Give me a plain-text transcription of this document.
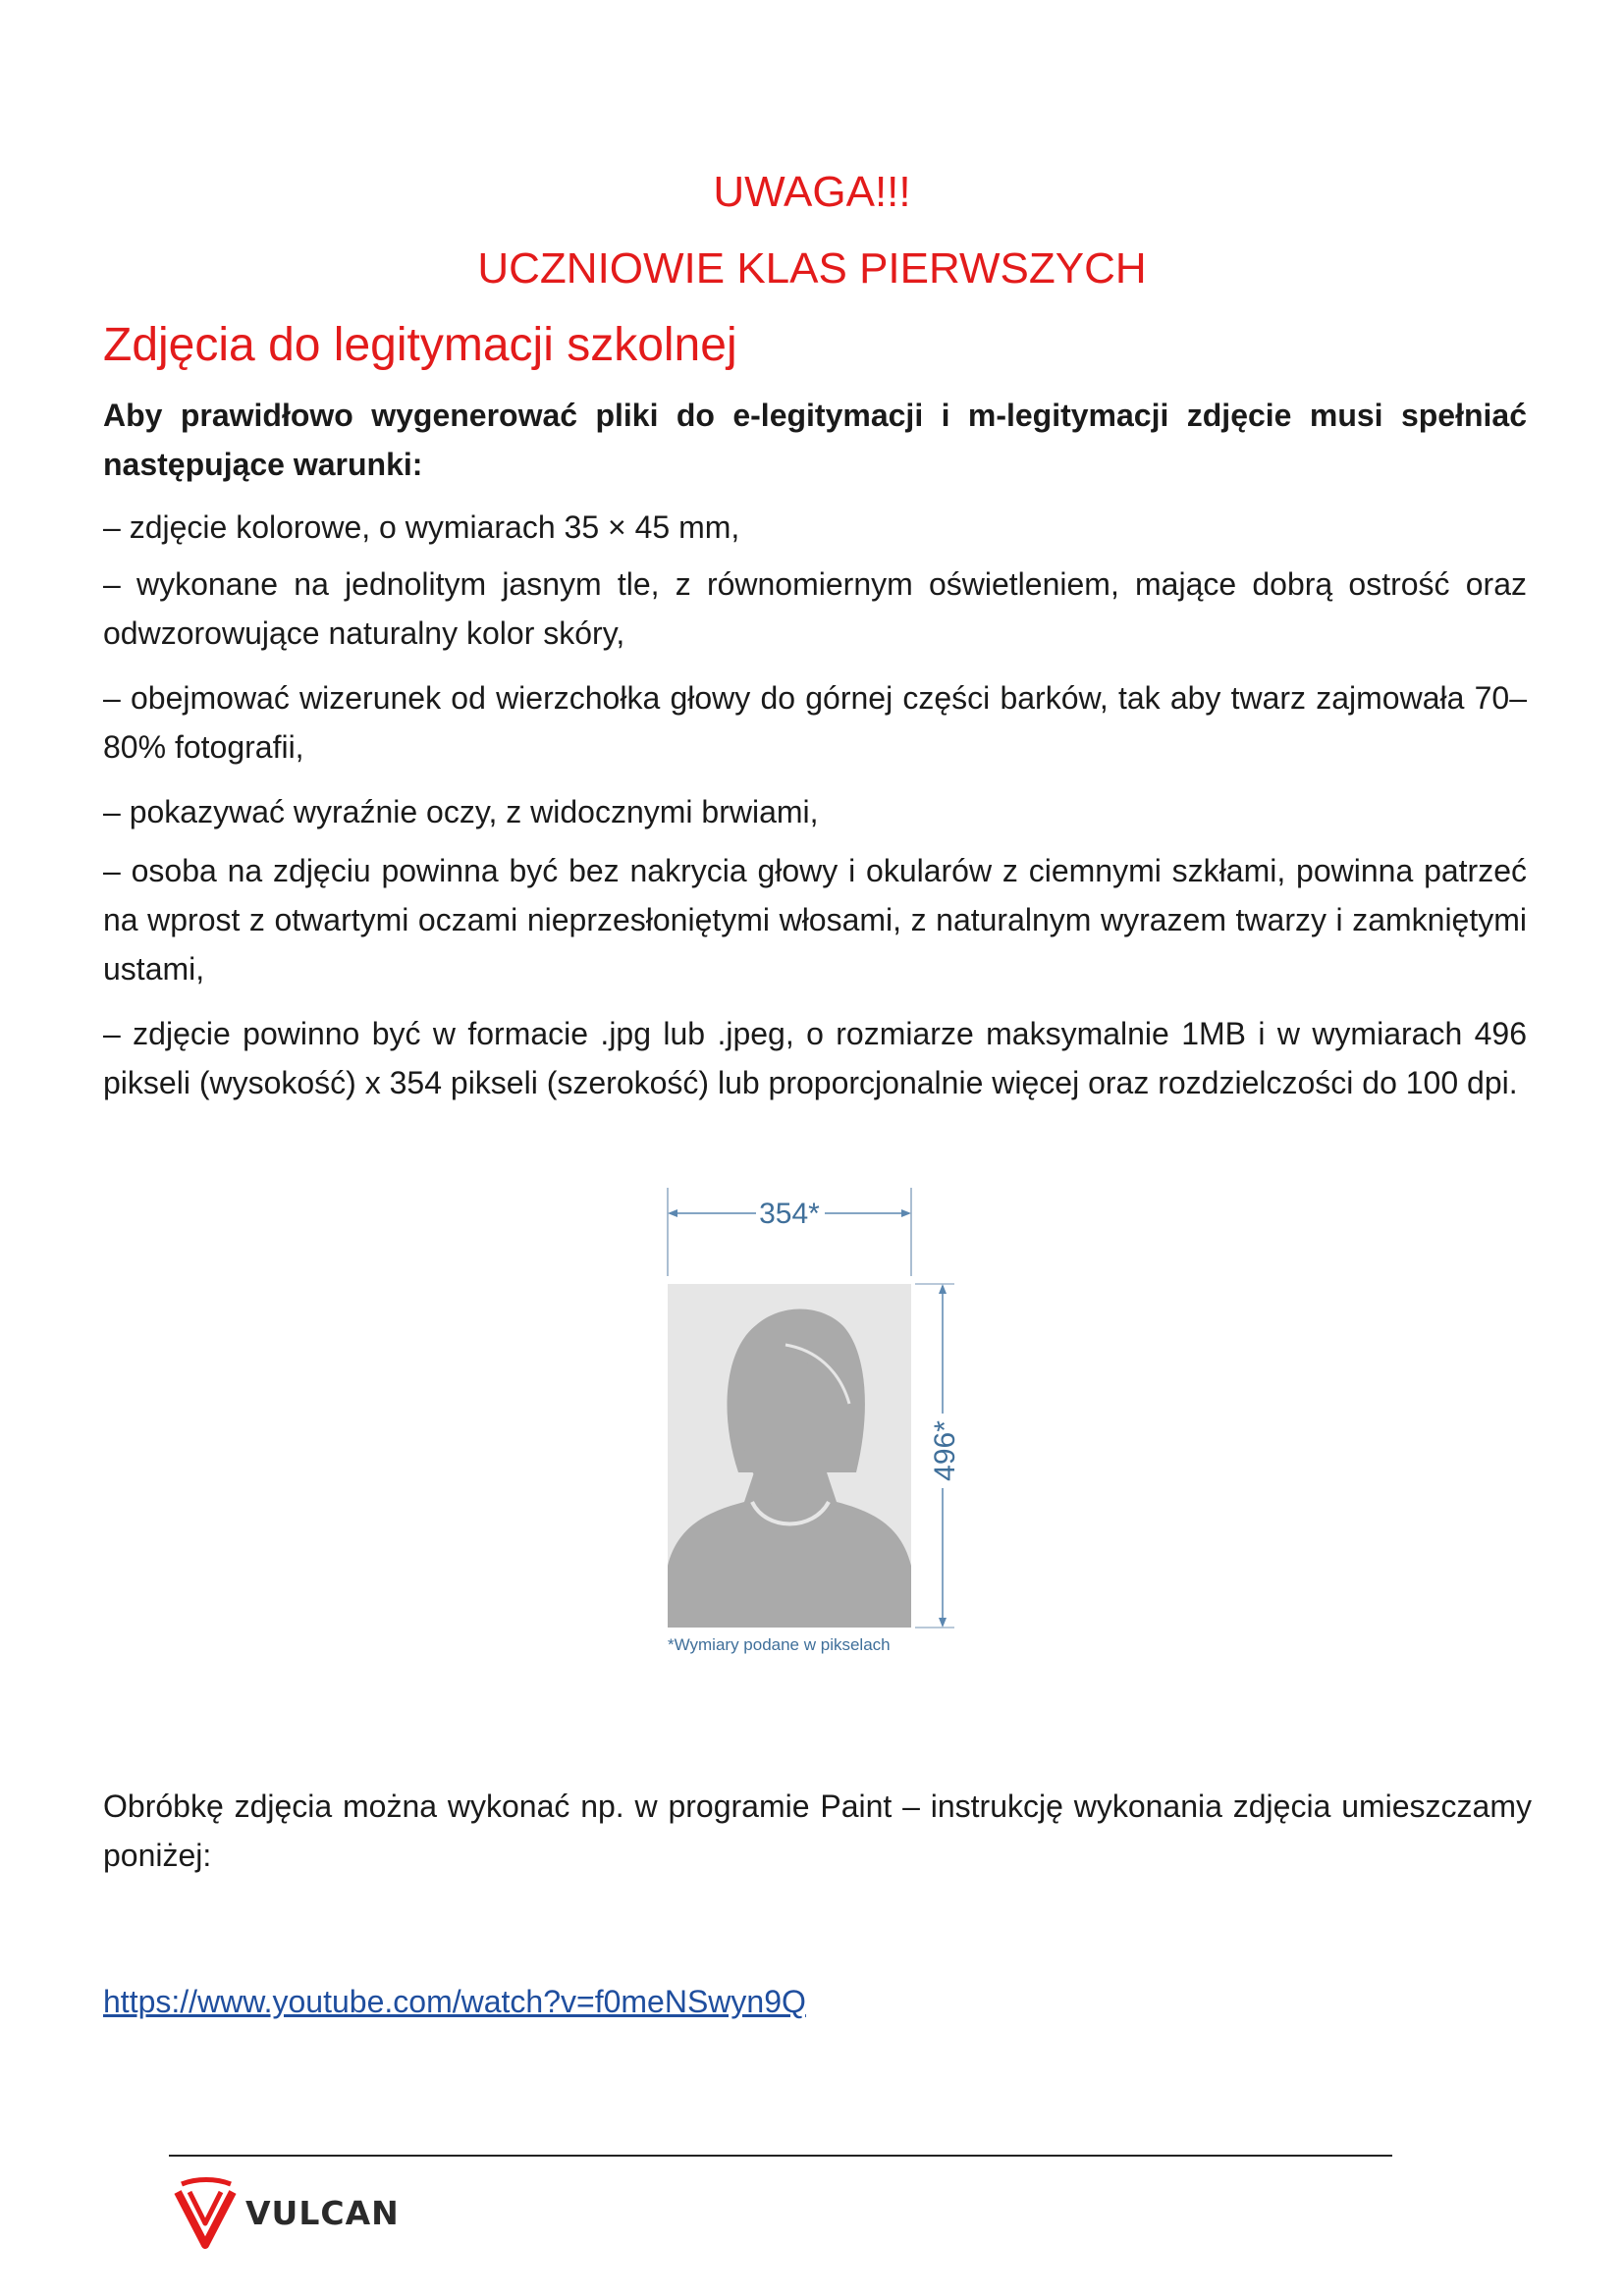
UWAGA!!!
UCZNIOWIE KLAS PIERWSZYCH
Zdjęcia do legitymacji szkolnej
Aby prawidłowo wygenerować pliki do e-legitymacji i m-legitymacji zdjęcie musi spełniać następujące warunki:
– zdjęcie kolorowe, o wymiarach 35 × 45 mm,
– wykonane na jednolitym jasnym tle, z równomiernym oświetleniem, mające dobrą ostrość oraz odwzorowujące naturalny kolor skóry,
– obejmować wizerunek od wierzchołka głowy do górnej części barków, tak aby twarz zajmowała 70–80% fotografii,
– pokazywać wyraźnie oczy, z widocznymi brwiami,
– osoba na zdjęciu powinna być bez nakrycia głowy i okularów z ciemnymi szkłami, powinna patrzeć na wprost z otwartymi oczami nieprzesłoniętymi włosami, z naturalnym wyrazem twarzy i zamkniętymi ustami,
– zdjęcie powinno być w formacie .jpg lub .jpeg, o rozmiarze maksymalnie 1MB i w wymiarach 496 pikseli (wysokość) x 354 pikseli (szerokość) lub proporcjonalnie więcej oraz rozdzielczości do 100 dpi.
354*
496*
*Wymiary podane w pikselach
Obróbkę zdjęcia można wykonać np. w programie Paint – instrukcję wykonania zdjęcia umieszczamy poniżej:
https://www.youtube.com/watch?v=f0meNSwyn9Q
VULCAN
